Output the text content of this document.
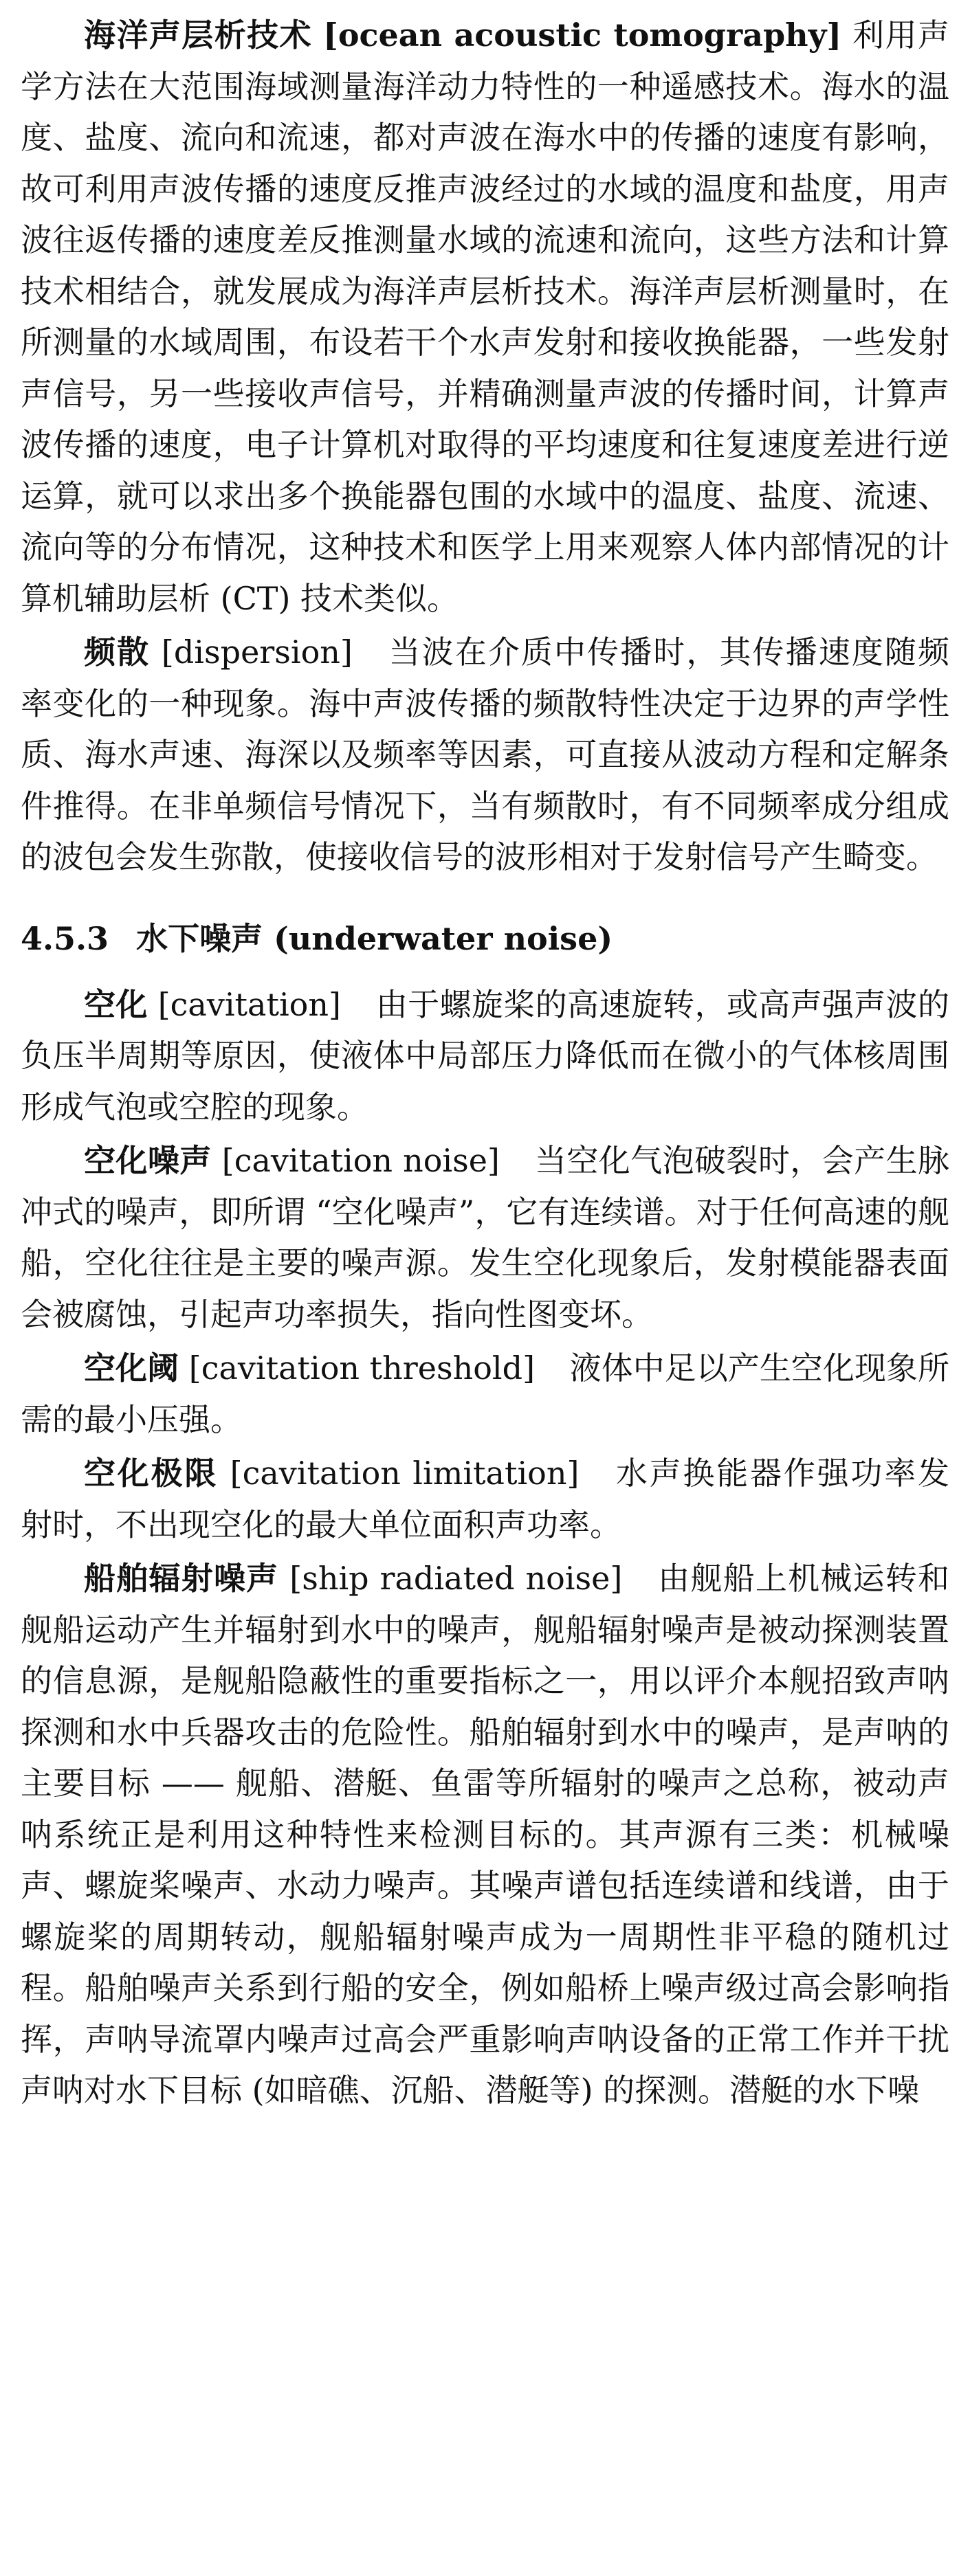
海洋声层析技术 [ocean acoustic tomography] 利用声学方法在大范围海域测量海洋动力特性的一种遥感技术。海水的温度、盐度、流向和流速，都对声波在海水中的传播的速度有影响，故可利用声波传播的速度反推声波经过的水域的温度和盐度，用声波往返传播的速度差反推测量水域的流速和流向，这些方法和计算技术相结合，就发展成为海洋声层析技术。海洋声层析测量时，在所测量的水域周围，布设若干个水声发射和接收换能器，一些发射声信号，另一些接收声信号，并精确测量声波的传播时间，计算声波传播的速度，电子计算机对取得的平均速度和往复速度差进行逆运算，就可以求出多个换能器包围的水域中的温度、盐度、流速、流向等的分布情况，这种技术和医学上用来观察人体内部情况的计算机辅助层析 (CT) 技术类似。
频散 [dispersion] 当波在介质中传播时，其传播速度随频率变化的一种现象。海中声波传播的频散特性决定于边界的声学性质、海水声速、海深以及频率等因素，可直接从波动方程和定解条件推得。在非单频信号情况下，当有频散时，有不同频率成分组成的波包会发生弥散，使接收信号的波形相对于发射信号产生畸变。
4.5.3 水下噪声 (underwater noise)
空化 [cavitation] 由于螺旋桨的高速旋转，或高声强声波的负压半周期等原因，使液体中局部压力降低而在微小的气体核周围形成气泡或空腔的现象。
空化噪声 [cavitation noise] 当空化气泡破裂时，会产生脉冲式的噪声，即所谓 “空化噪声”，它有连续谱。对于任何高速的舰船，空化往往是主要的噪声源。发生空化现象后，发射模能器表面会被腐蚀，引起声功率损失，指向性图变坏。
空化阈 [cavitation threshold] 液体中足以产生空化现象所需的最小压强。
空化极限 [cavitation limitation] 水声换能器作强功率发射时，不出现空化的最大单位面积声功率。
船舶辐射噪声 [ship radiated noise] 由舰船上机械运转和舰船运动产生并辐射到水中的噪声，舰船辐射噪声是被动探测装置的信息源，是舰船隐蔽性的重要指标之一，用以评介本舰招致声呐探测和水中兵器攻击的危险性。船舶辐射到水中的噪声，是声呐的主要目标 —— 舰船、潜艇、鱼雷等所辐射的噪声之总称，被动声呐系统正是利用这种特性来检测目标的。其声源有三类：机械噪声、螺旋桨噪声、水动力噪声。其噪声谱包括连续谱和线谱，由于螺旋桨的周期转动，舰船辐射噪声成为一周期性非平稳的随机过程。船舶噪声关系到行船的安全，例如船桥上噪声级过高会影响指挥，声呐导流罩内噪声过高会严重影响声呐设备的正常工作并干扰声呐对水下目标 (如暗礁、沉船、潜艇等) 的探测。潜艇的水下噪
